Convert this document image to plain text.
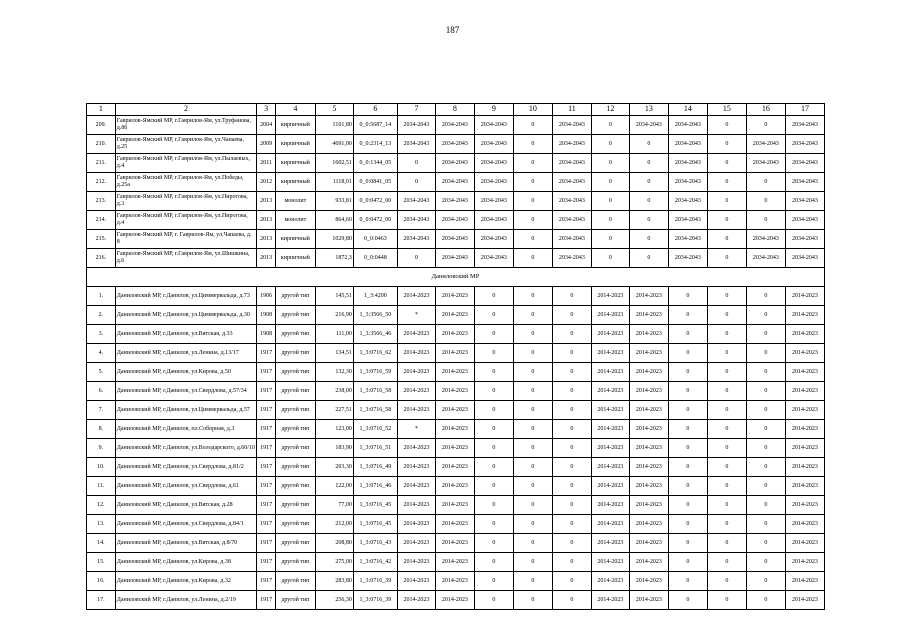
187
1	2	3	4	5	6	7	8	9	10	11	12	13	14	15	16	17
209.	Гаврилов-Ямский МР, г.Гаврилов-Ям, ул.Труфанова, д.8б	2004	кирпичный	1161,80	0_0:5687_14	2034-2043	2034-2043	2034-2043	0	2034-2043	0	2034-2043	2034-2043	0	0	2034-2043
210.	Гаврилов-Ямский МР, г.Гаврилов-Ям, ул.Чапаева, д.25	2009	кирпичный	4691,00	0_0:2314_13	2034-2043	2034-2043	2034-2043	0	2034-2043	0	0	2034-2043	0	2034-2043	2034-2043
211.	Гаврилов-Ямский МР, г.Гаврилов-Ям, ул.Пылаевых, д.4	2011	кирпичный	1602,51	0_0:1344_05	0	2034-2043	2034-2043	0	2034-2043	0	0	2034-2043	0	2034-2043	2034-2043
212.	Гаврилов-Ямский МР, г.Гаврилов-Ям, ул.Победы, д.25а	2012	кирпичный	1118,01	0_0:0841_05	0	2034-2043	2034-2043	0	2034-2043	0	0	2034-2043	0	0	2034-2043
213.	Гаврилов-Ямский МР, г.Гаврилов-Ям, ул.Пирогова, д.3	2013	монолит	933,81	0_0:0472_00	2034-2043	2034-2043	2034-2043	0	2034-2043	0	0	2034-2043	0	0	2034-2043
214.	Гаврилов-Ямский МР, г.Гаврилов-Ям, ул.Пирогова, д.4	2013	монолит	864,60	0_0:0472_00	2034-2043	2034-2043	2034-2043	0	2034-2043	0	0	2034-2043	0	0	2034-2043
215.	Гаврилов-Ямский МР, г. Гаврилов-Ям, ул.Чапаева, д. 8	2013	кирпичный	1029,80	0_0:0463	2034-2043	2034-2043	2034-2043	0	2034-2043	0	0	2034-2043	0	2034-2043	2034-2043
216.	Гаврилов-Ямский МР, г.Гаврилов-Ям, ул.Шишкина, д.6	2013	кирпичный	1872,3	0_0:0448	0	2034-2043	2034-2043	0	2034-2043	0	0	2034-2043	0	2034-2043	2034-2043
Даниловский МР																
1.	Даниловский МР, г.Данилов, ул.Циммервальда, д.73	1906	другой тип	145,51	1_3:4200	2014-2023	2014-2023	0	0	0	2014-2023	2014-2023	0	0	0	2014-2023
2.	Даниловский МР, г.Данилов, ул.Циммервальда, д.30	1908	другой тип	216,90	1_3:3566_50	*	2014-2023	0	0	0	2014-2023	2014-2023	0	0	0	2014-2023
3.	Даниловский МР, г.Данилов, ул.Вятская, д.33	1908	другой тип	111,00	1_3:3566_46	2014-2023	2014-2023	0	0	0	2014-2023	2014-2023	0	0	0	2014-2023
4.	Даниловский МР, г.Данилов, ул.Ленина, д.13/17	1917	другой тип	134,51	1_3:0716_62	2014-2023	2014-2023	0	0	0	2014-2023	2014-2023	0	0	0	2014-2023
5.	Даниловский МР, г.Данилов, ул.Кирова, д.50	1917	другой тип	132,30	1_3:0716_59	2014-2023	2014-2023	0	0	0	2014-2023	2014-2023	0	0	0	2014-2023
6.	Даниловский МР, г.Данилов, ул.Свердлова, д.57/34	1917	другой тип	238,00	1_3:0716_58	2014-2023	2014-2023	0	0	0	2014-2023	2014-2023	0	0	0	2014-2023
7.	Даниловский МР, г.Данилов, ул.Циммервальда, д.57	1917	другой тип	227,51	1_3:0716_58	2014-2023	2014-2023	0	0	0	2014-2023	2014-2023	0	0	0	2014-2023
8.	Даниловский МР, г.Данилов, пл.Соборная, д.3	1917	другой тип	123,00	1_3:0716_52	*	2014-2023	0	0	0	2014-2023	2014-2023	0	0	0	2014-2023
9.	Даниловский МР, г.Данилов, ул.Володарского, д.60/10	1917	другой тип	183,90	1_3:0716_51	2014-2023	2014-2023	0	0	0	2014-2023	2014-2023	0	0	0	2014-2023
10.	Даниловский МР, г.Данилов, ул.Свердлова, д.81/2	1917	другой тип	203,30	1_3:0716_49	2014-2023	2014-2023	0	0	0	2014-2023	2014-2023	0	0	0	2014-2023
11.	Даниловский МР, г.Данилов, ул.Свердлова, д.61	1917	другой тип	122,00	1_3:0716_46	2014-2023	2014-2023	0	0	0	2014-2023	2014-2023	0	0	0	2014-2023
12.	Даниловский МР, г.Данилов, ул.Вятская, д.28	1917	другой тип	77,00	1_3:0716_45	2014-2023	2014-2023	0	0	0	2014-2023	2014-2023	0	0	0	2014-2023
13.	Даниловский МР, г.Данилов, ул.Свердлова, д.84/1	1917	другой тип	212,00	1_3:0716_45	2014-2023	2014-2023	0	0	0	2014-2023	2014-2023	0	0	0	2014-2023
14.	Даниловский МР, г.Данилов, ул.Вятская, д.8/70	1917	другой тип	208,80	1_3:0716_43	2014-2023	2014-2023	0	0	0	2014-2023	2014-2023	0	0	0	2014-2023
15.	Даниловский МР, г.Данилов, ул.Кирова, д.38	1917	другой тип	275,00	1_3:0716_42	2014-2023	2014-2023	0	0	0	2014-2023	2014-2023	0	0	0	2014-2023
16.	Даниловский МР, г.Данилов, ул.Кирова, д.32	1917	другой тип	283,80	1_3:0716_39	2014-2023	2014-2023	0	0	0	2014-2023	2014-2023	0	0	0	2014-2023
17.	Даниловский МР, г.Данилов, ул.Ленина, д.2/19	1917	другой тип	256,30	1_3:0716_39	2014-2023	2014-2023	0	0	0	2014-2023	2014-2023	0	0	0	2014-2023
